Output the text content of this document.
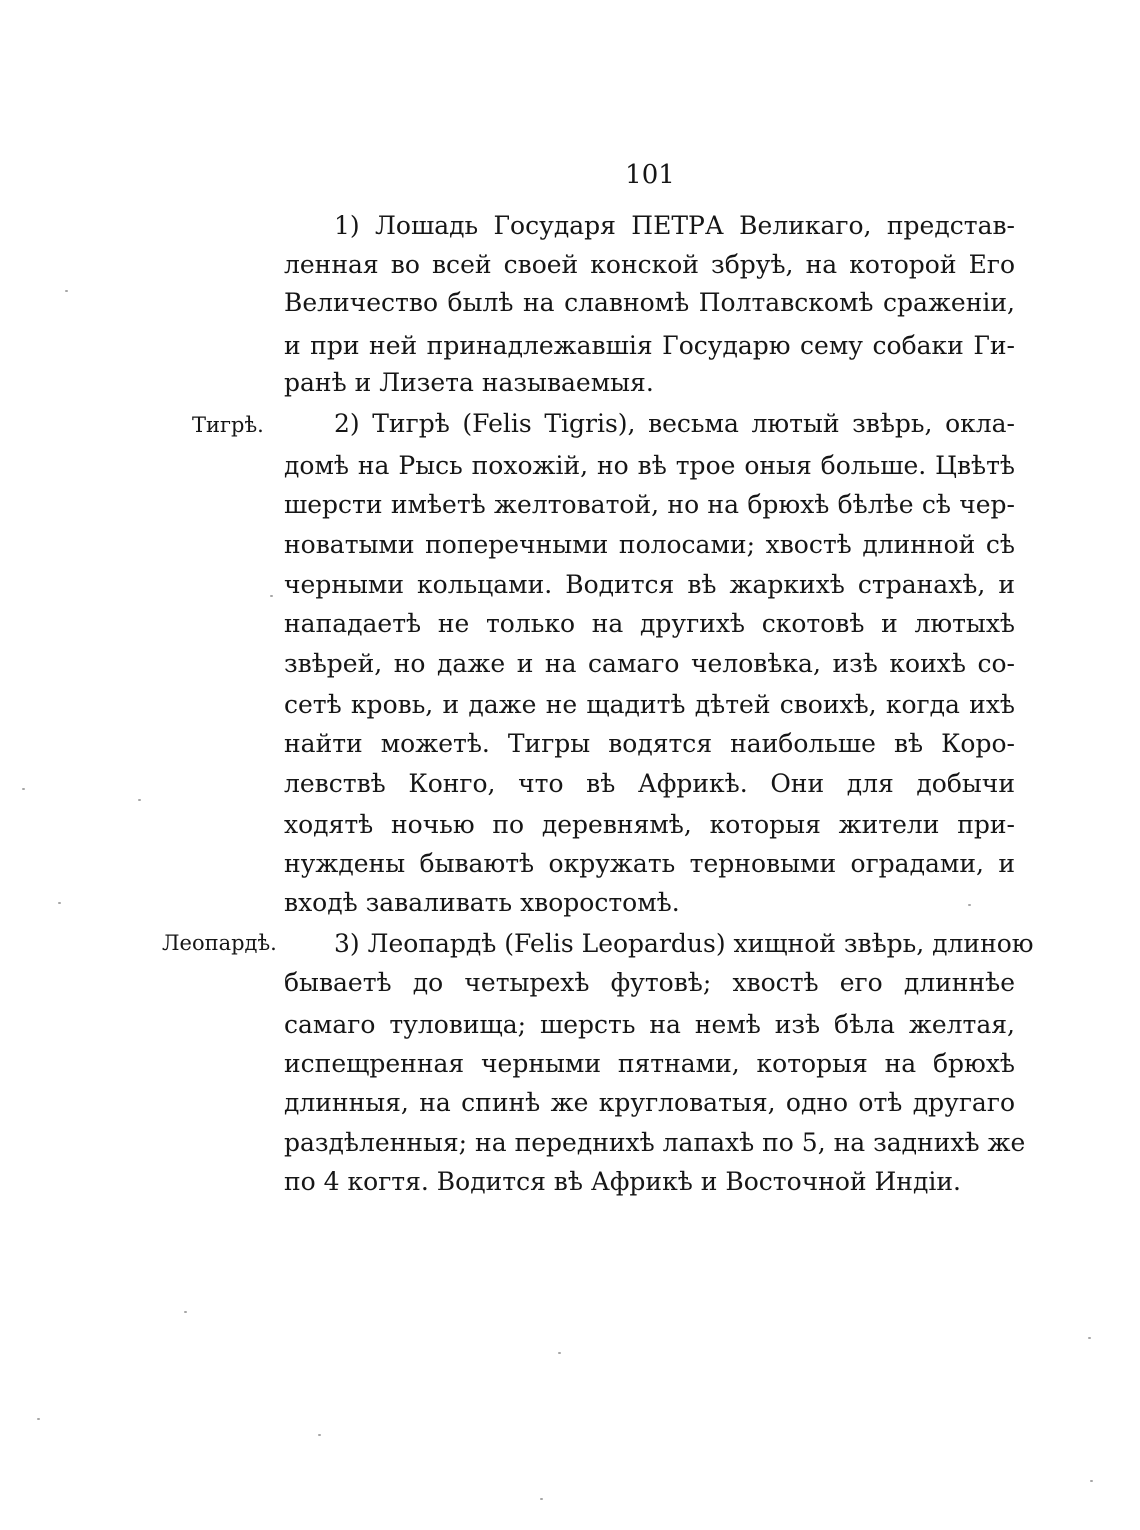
101
Тигрѣ.
Леопардѣ.
1) Лошадь Государя ПЕТРА Великаго, представ-
ленная во всей своей конской збруѣ, на которой Его
Величество былѣ на славномѣ Полтавскомѣ сраженіи,
и при ней принадлежавшія Государю сему собаки Ги-
ранѣ и Лизета называемыя.
2) Тигрѣ (Felis Tigris), весьма лютый звѣрь, окла-
домѣ на Рысь похожій, но вѣ трое оныя больше. Цвѣтѣ
шерсти имѣетѣ желтоватой, но на брюхѣ бѣлѣе сѣ чер-
новатыми поперечными полосами; хвостѣ длинной сѣ
черными кольцами. Водится вѣ жаркихѣ странахѣ, и
нападаетѣ не только на другихѣ скотовѣ и лютыхѣ
звѣрей, но даже и на самаго человѣка, изѣ коихѣ со-
сетѣ кровь, и даже не щадитѣ дѣтей своихѣ, когда ихѣ
найти можетѣ. Тигры водятся наибольше вѣ Коро-
левствѣ Конго, что вѣ Африкѣ. Они для добычи
ходятѣ ночью по деревнямѣ, которыя жители при-
нуждены бываютѣ окружать терновыми оградами, и
входѣ заваливать хворостомѣ.
3) Леопардѣ (Felis Leopardus) хищной звѣрь, длиною
бываетѣ до четырехѣ футовѣ; хвостѣ его длиннѣе
самаго туловища; шерсть на немѣ изѣ бѣла желтая,
испещренная черными пятнами, которыя на брюхѣ
длинныя, на спинѣ же кругловатыя, одно отѣ другаго
раздѣленныя; на переднихѣ лапахѣ по 5, на заднихѣ же
по 4 когтя. Водится вѣ Африкѣ и Восточной Индіи.
